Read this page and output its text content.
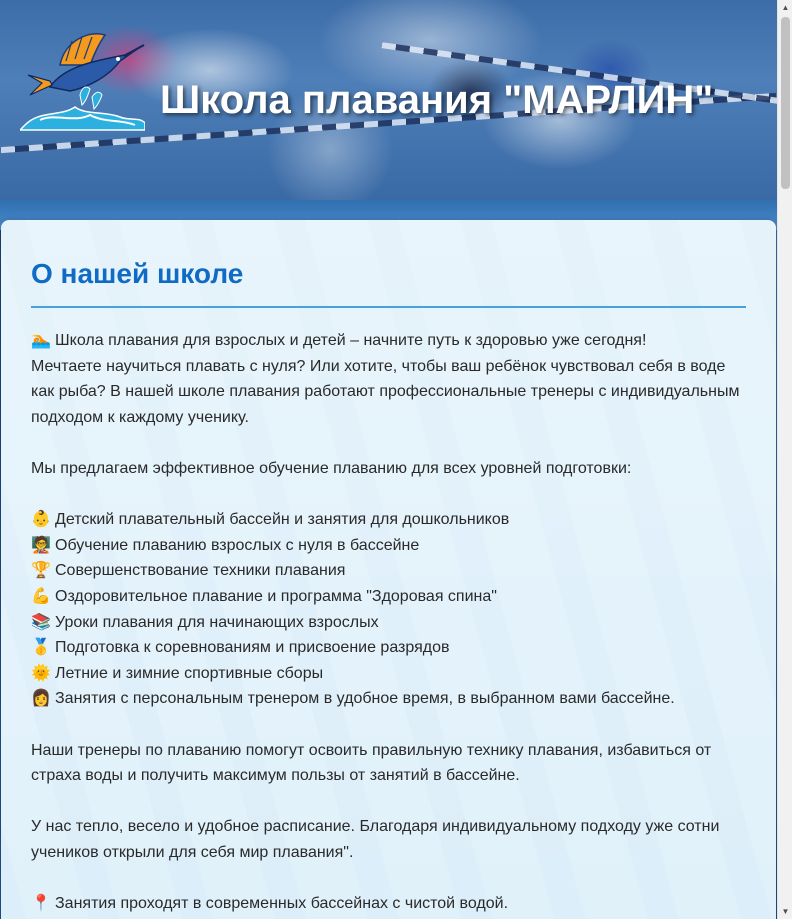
Школа плавания "МАРЛИН"
О нашей школе

🏊 Школа плавания для взрослых и детей – начните путь к здоровью уже сегодня!

Мечтаете научиться плавать с нуля? Или хотите, чтобы ваш ребёнок чувствовал себя в воде как рыба? В нашей школе плавания работают профессиональные тренеры с индивидуальным подходом к каждому ученику.

Мы предлагаем эффективное обучение плаванию для всех уровней подготовки:

👶 Детский плавательный бассейн и занятия для дошкольников

🧑‍🏫 Обучение плаванию взрослых с нуля в бассейне

🏆 Совершенствование техники плавания

💪 Оздоровительное плавание и программа "Здоровая спина"

📚 Уроки плавания для начинающих взрослых

🥇 Подготовка к соревнованиям и присвоение разрядов

🌞 Летние и зимние спортивные сборы

👩 Занятия с персональным тренером в удобное время, в выбранном вами бассейне.

Наши тренеры по плаванию помогут освоить правильную технику плавания, избавиться от страха воды и получить максимум пользы от занятий в бассейне.

У нас тепло, весело и удобное расписание. Благодаря индивидуальному подходу уже сотни учеников открыли для себя мир плавания".

📍 Занятия проходят в современных бассейнах с чистой водой.

▲
▼
